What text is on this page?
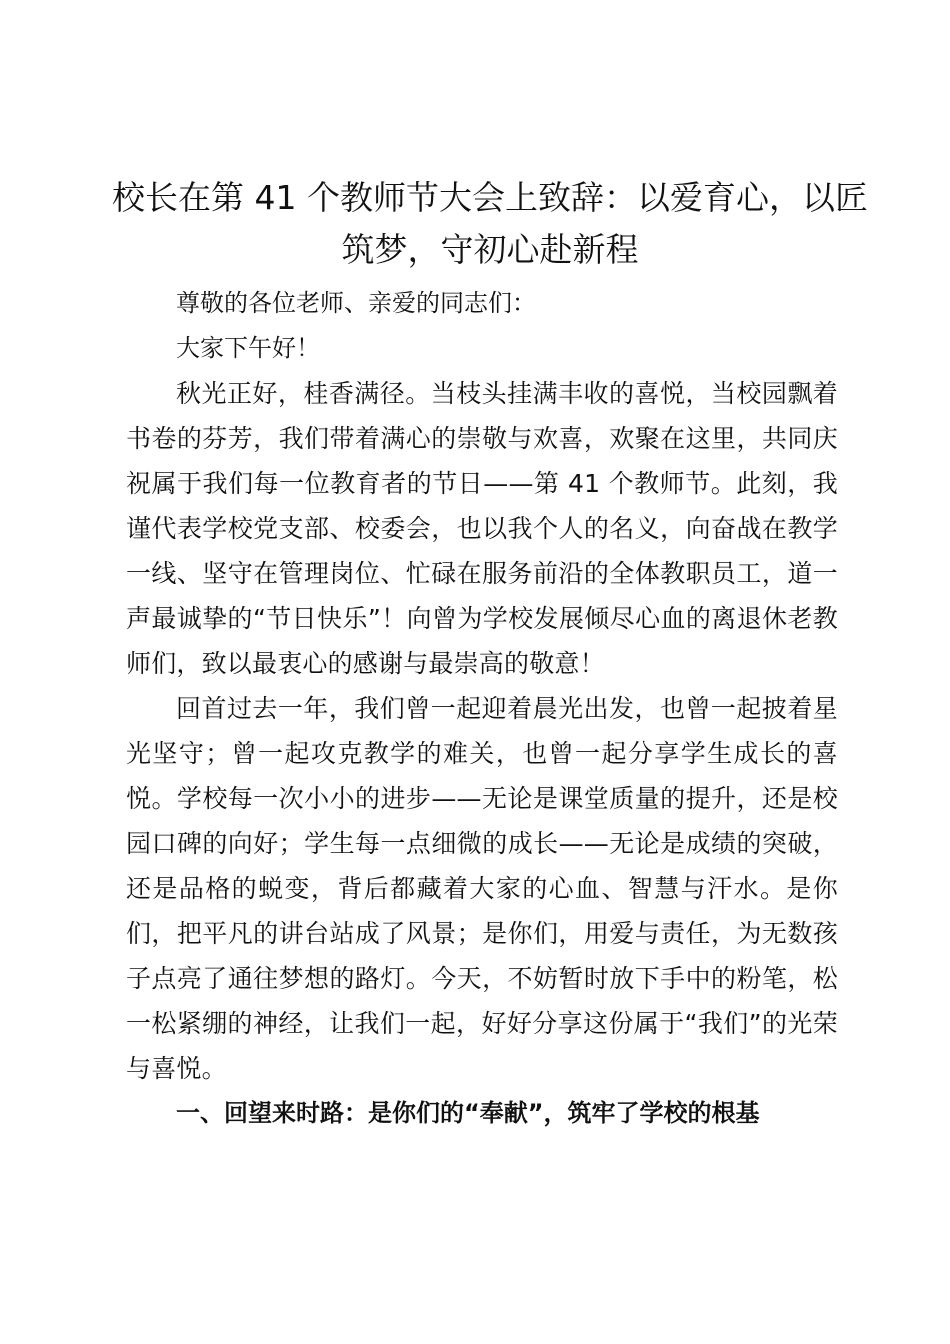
校长在第 41 个教师节大会上致辞：以爱育心，以匠筑梦，守初心赴新程

尊敬的各位老师、亲爱的同志们：

大家下午好！

秋光正好，桂香满径。当枝头挂满丰收的喜悦，当校园飘着书卷的芬芳，我们带着满心的崇敬与欢喜，欢聚在这里，共同庆祝属于我们每一位教育者的节日——第 41 个教师节。此刻，我谨代表学校党支部、校委会，也以我个人的名义，向奋战在教学一线、坚守在管理岗位、忙碌在服务前沿的全体教职员工，道一声最诚挚的“节日快乐”！向曾为学校发展倾尽心血的离退休老教师们，致以最衷心的感谢与最崇高的敬意！

回首过去一年，我们曾一起迎着晨光出发，也曾一起披着星光坚守；曾一起攻克教学的难关，也曾一起分享学生成长的喜悦。学校每一次小小的进步——无论是课堂质量的提升，还是校园口碑的向好；学生每一点细微的成长——无论是成绩的突破，还是品格的蜕变，背后都藏着大家的心血、智慧与汗水。是你们，把平凡的讲台站成了风景；是你们，用爱与责任，为无数孩子点亮了通往梦想的路灯。今天，不妨暂时放下手中的粉笔，松一松紧绷的神经，让我们一起，好好分享这份属于“我们”的光荣与喜悦。

一、回望来时路：是你们的“奉献”，筑牢了学校的根基
